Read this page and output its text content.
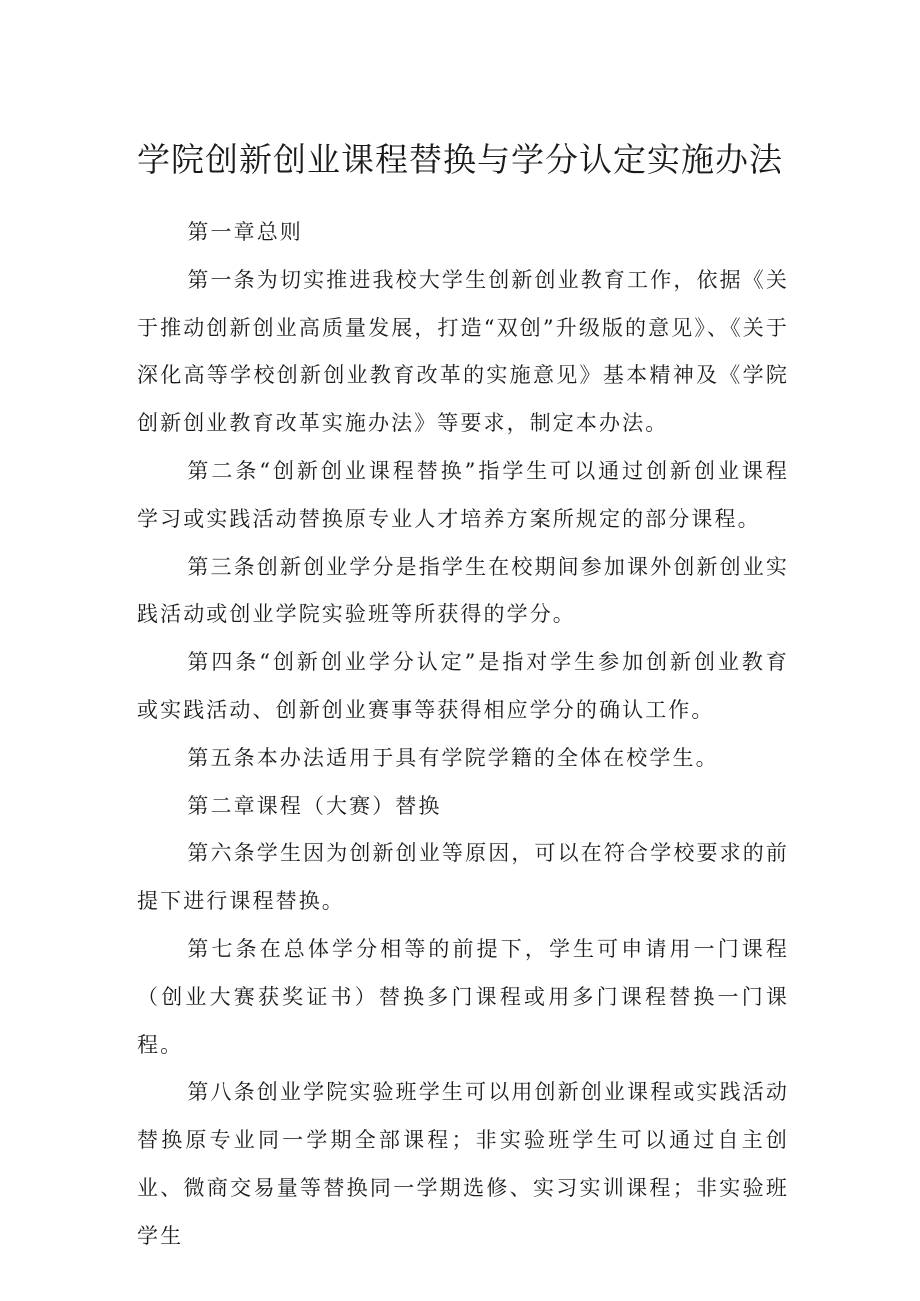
学院创新创业课程替换与学分认定实施办法

第一章总则

第一条为切实推进我校大学生创新创业教育工作，依据《关于推动创新创业高质量发展，打造“双创”升级版的意见》、《关于深化高等学校创新创业教育改革的实施意见》基本精神及《学院创新创业教育改革实施办法》等要求，制定本办法。

第二条“创新创业课程替换”指学生可以通过创新创业课程学习或实践活动替换原专业人才培养方案所规定的部分课程。

第三条创新创业学分是指学生在校期间参加课外创新创业实践活动或创业学院实验班等所获得的学分。

第四条“创新创业学分认定”是指对学生参加创新创业教育或实践活动、创新创业赛事等获得相应学分的确认工作。

第五条本办法适用于具有学院学籍的全体在校学生。

第二章课程（大赛）替换

第六条学生因为创新创业等原因，可以在符合学校要求的前提下进行课程替换。

第七条在总体学分相等的前提下，学生可申请用一门课程（创业大赛获奖证书）替换多门课程或用多门课程替换一门课程。

第八条创业学院实验班学生可以用创新创业课程或实践活动替换原专业同一学期全部课程；非实验班学生可以通过自主创业、微商交易量等替换同一学期选修、实习实训课程；非实验班学生
